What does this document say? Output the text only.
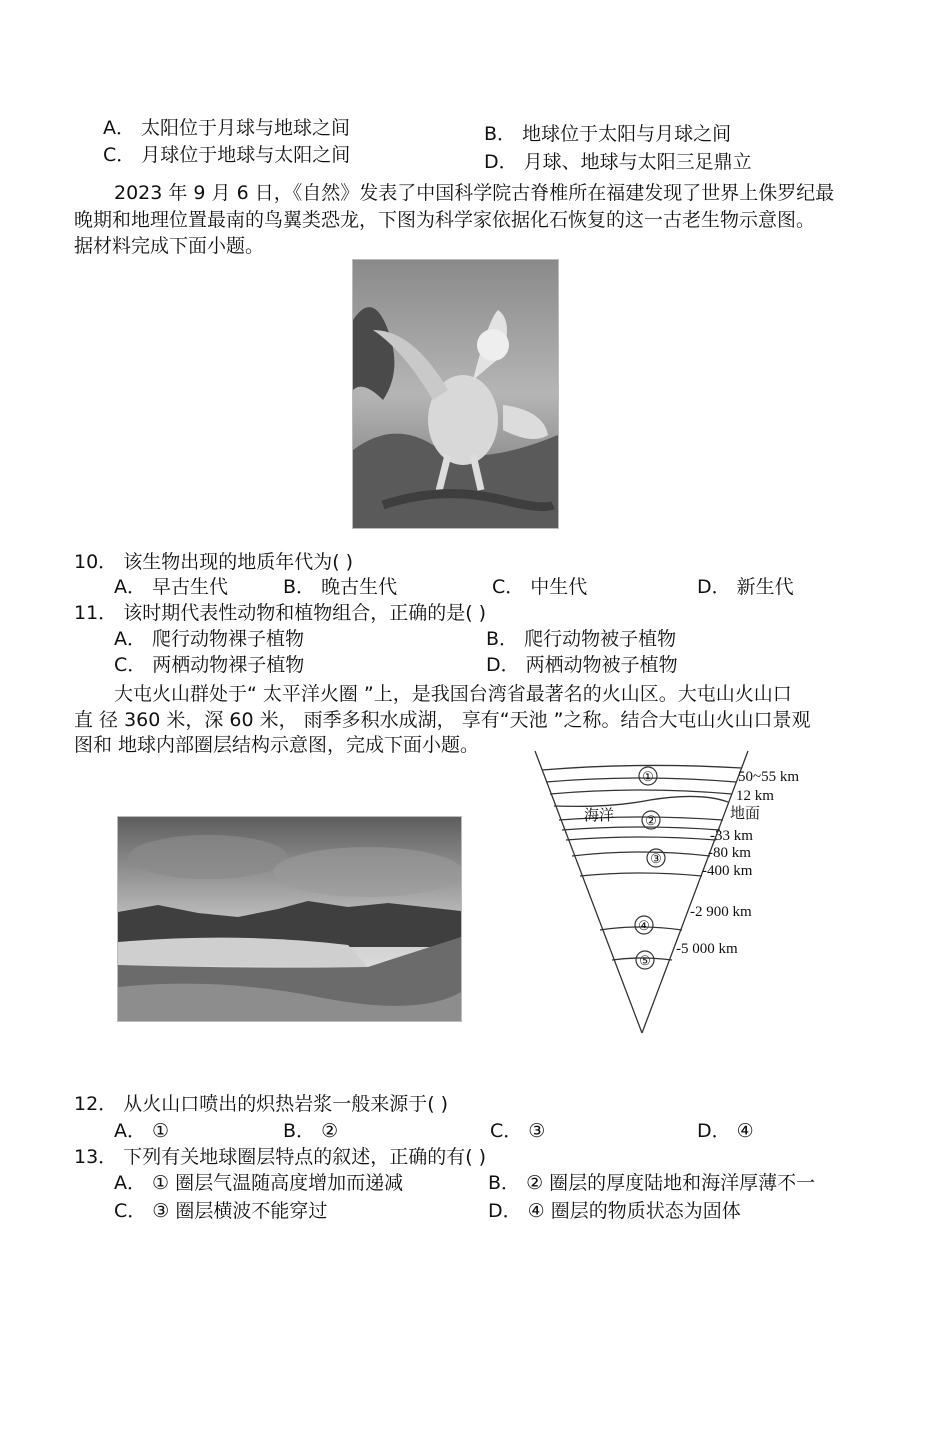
A． 太阳位于月球与地球之间	B． 地球位于太阳与月球之间
C． 月球位于地球与太阳之间	D． 月球、地球与太阳三足鼎立
2023 年 9 月 6 日，《自然》发表了中国科学院古脊椎所在福建发现了世界上侏罗纪最
晚期和地理位置最南的鸟翼类恐龙，下图为科学家依据化石恢复的这一古老生物示意图。
据材料完成下面小题。
10． 该生物出现的地质年代为( )
A． 早古生代	B． 晚古生代	C． 中生代	D． 新生代
11． 该时期代表性动物和植物组合，正确的是( )
A． 爬行动物裸子植物	B． 爬行动物被子植物
C． 两栖动物裸子植物	D． 两栖动物被子植物
大屯火山群处于“ 太平洋火圈 ”上，是我国台湾省最著名的火山区。大屯山火山口
直 径 360 米，深 60 米， 雨季多积水成湖， 享有“天池 ”之称。结合大屯山火山口景观
图和 地球内部圈层结构示意图，完成下面小题。
①
②
③
④
⑤
海洋
50~55 km
12 km
地面
-33 km
-80 km
-400 km
-2 900 km
-5 000 km
12． 从火山口喷出的炽热岩浆一般来源于( )
A． ①	B． ②	C． ③	D． ④
13． 下列有关地球圈层特点的叙述，正确的有( )
A． ① 圈层气温随高度增加而递减	B． ② 圈层的厚度陆地和海洋厚薄不一
C． ③ 圈层横波不能穿过	D． ④ 圈层的物质状态为固体
